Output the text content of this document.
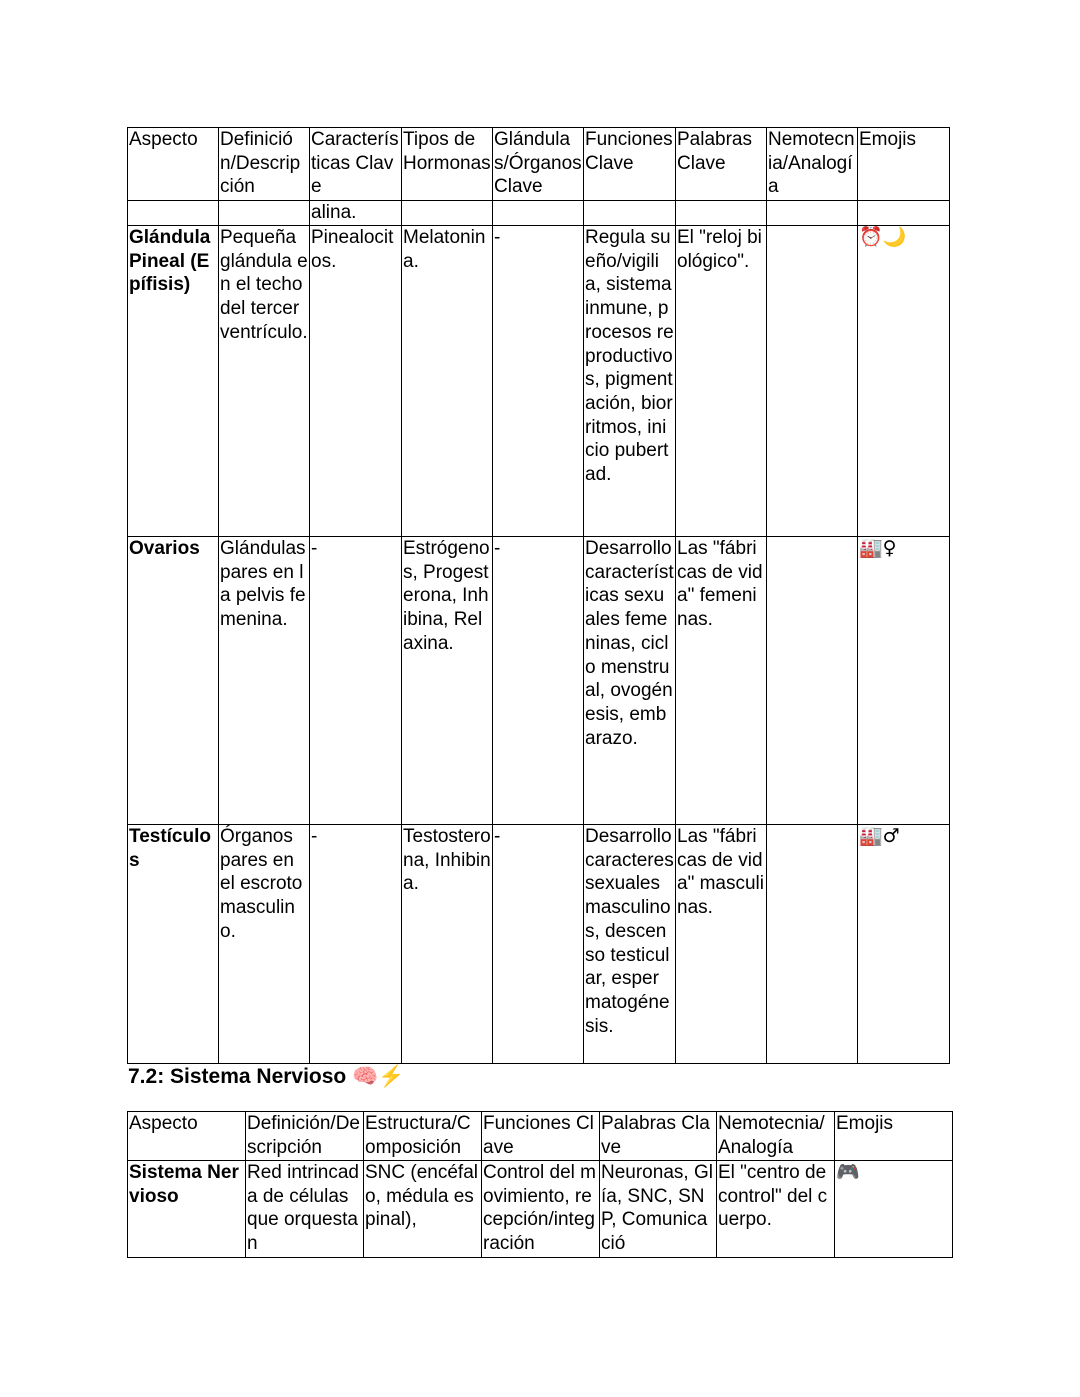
Aspecto	Definición/Descripción	Características Clave	Tipos de Hormonas	Glándulas/Órganos Clave	Funciones Clave	Palabras Clave	Nemotecnia/Analogía	Emojis
		alina.						
Glándula Pineal (Epífisis)	Pequeña glándula en el techo del tercer ventrículo.	Pinealocitos.	Melatonina.	-	Regula sueño/vigilia, sistema inmune, procesos reproductivos, pigmentación, biorritmos, inicio pubertad.	El "reloj biológico".		⏰🌙
Ovarios	Glándulas pares en la pelvis femenina.	-	Estrógenos, Progesterona, Inhibina, Relaxina.	-	Desarrollo características sexuales femeninas, ciclo menstrual, ovogénesis, embarazo.	Las "fábricas de vida" femeninas.		🏭♀
Testículos	Órganos pares en el escroto masculino.	-	Testosterona, Inhibina.	-	Desarrollo caracteres sexuales masculinos, descenso testicular, espermatogénesis.	Las "fábricas de vida" masculinas.		🏭♂
7.2: Sistema Nervioso 🧠⚡
Aspecto	Definición/Descripción	Estructura/Composición	Funciones Clave	Palabras Clave	Nemotecnia/Analogía	Emojis
Sistema Nervioso	Red intrincada de células que orquestan	SNC (encéfalo, médula espinal),	Control del movimiento, recepción/integración	Neuronas, Glía, SNC, SNP, Comunicació	El "centro de control" del cuerpo.	🎮
